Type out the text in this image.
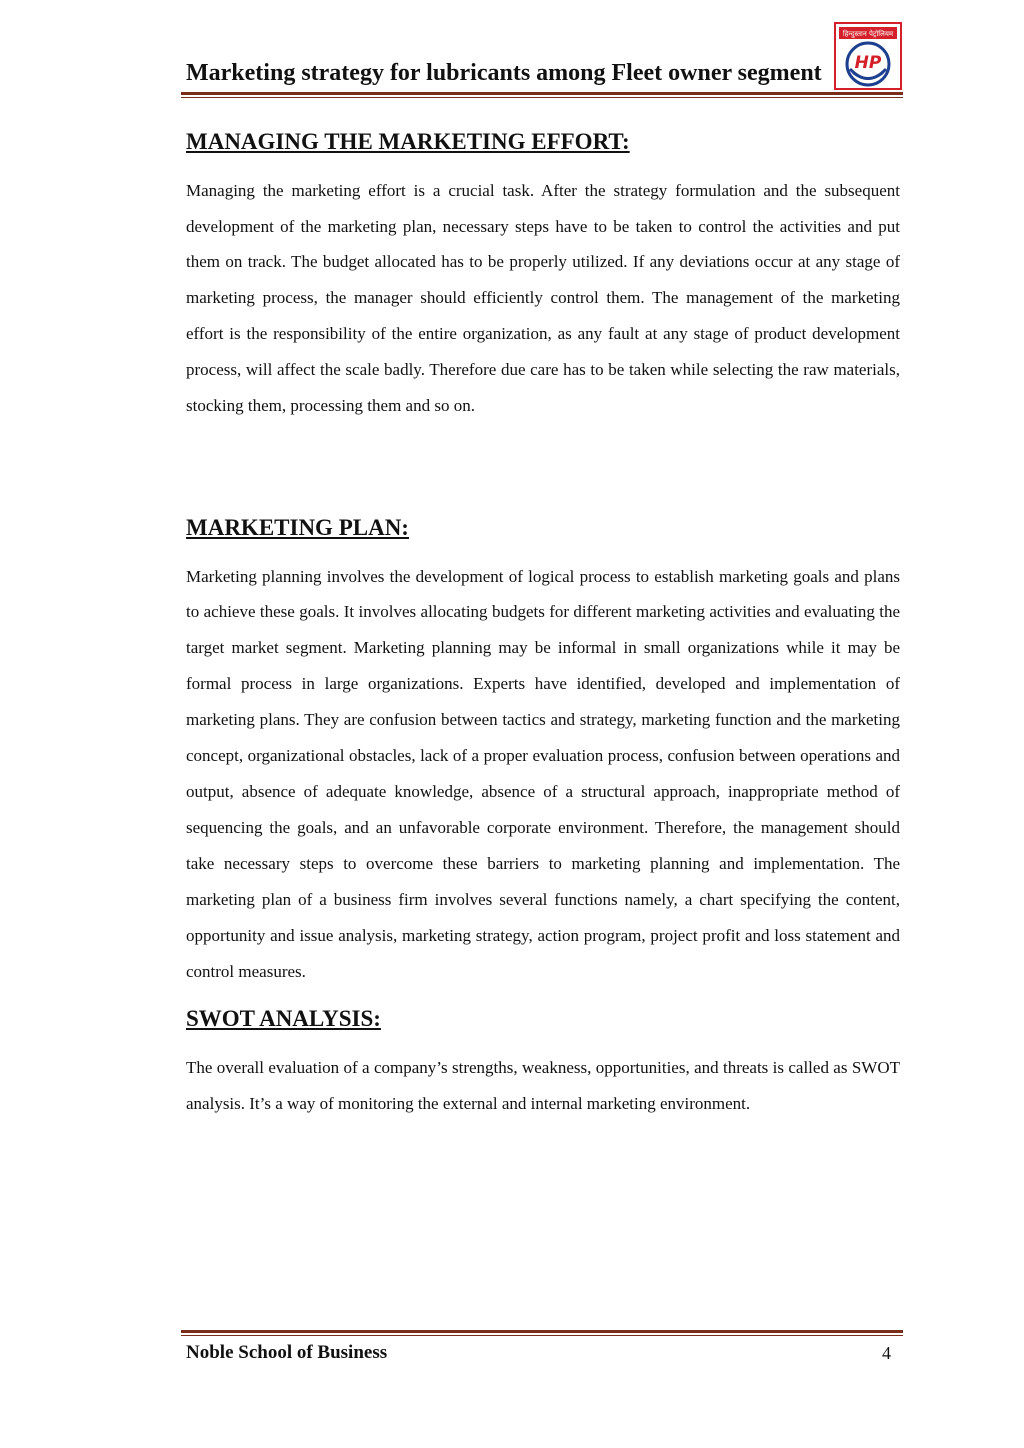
Marketing strategy for lubricants among Fleet owner segment
हिन्दुस्तान पेट्रोलियम
HP
MANAGING THE MARKETING EFFORT:

Managing the marketing effort is a crucial task. After the strategy formulation and the subsequent development of the marketing plan, necessary steps have to be taken to control the activities and put them on track. The budget allocated has to be properly utilized. If any deviations occur at any stage of marketing process, the manager should efficiently control them. The management of the marketing effort is the responsibility of the entire organization, as any fault at any stage of product development process, will affect the scale badly. Therefore due care has to be taken while selecting the raw materials, stocking them, processing them and so on.

MARKETING PLAN:

Marketing planning involves the development of logical process to establish marketing goals and plans to achieve these goals. It involves allocating budgets for different marketing activities and evaluating the target market segment. Marketing planning may be informal in small organizations while it may be formal process in large organizations. Experts have identified, developed and implementation of marketing plans. They are confusion between tactics and strategy, marketing function and the marketing concept, organizational obstacles, lack of a proper evaluation process, confusion between operations and output, absence of adequate knowledge, absence of a structural approach, inappropriate method of sequencing the goals, and an unfavorable corporate environment. Therefore, the management should take necessary steps to overcome these barriers to marketing planning and implementation. The marketing plan of a business firm involves several functions namely, a chart specifying the content, opportunity and issue analysis, marketing strategy, action program, project profit and loss statement and control measures.

SWOT ANALYSIS:

The overall evaluation of a company’s strengths, weakness, opportunities, and threats is called as SWOT analysis. It’s a way of monitoring the external and internal marketing environment.

Noble School of Business	4
